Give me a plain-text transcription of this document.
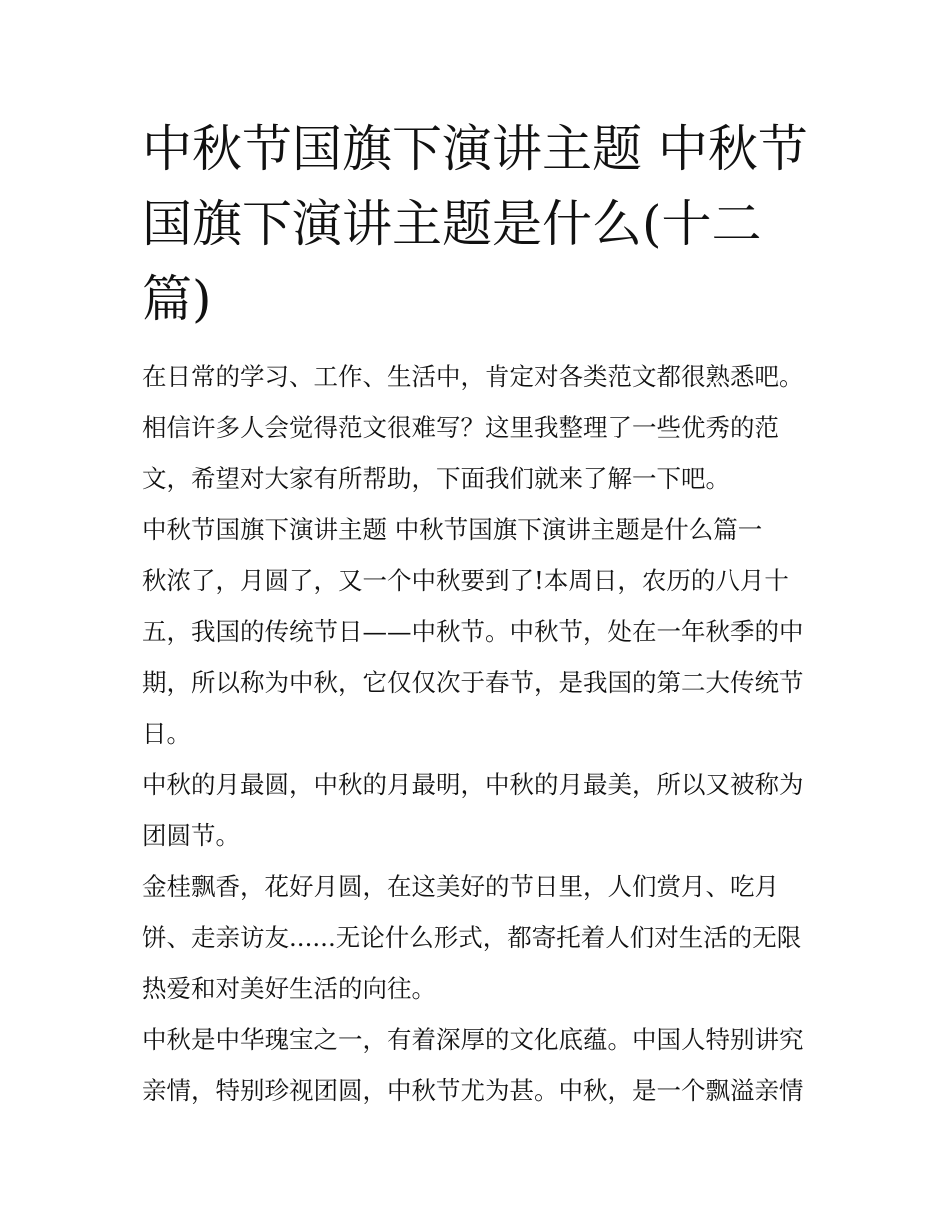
中秋节国旗下演讲主题 中秋节国旗下演讲主题是什么(十二篇)

在日常的学习、工作、生活中，肯定对各类范文都很熟悉吧。相信许多人会觉得范文很难写？这里我整理了一些优秀的范文，希望对大家有所帮助，下面我们就来了解一下吧。

中秋节国旗下演讲主题 中秋节国旗下演讲主题是什么篇一

秋浓了，月圆了，又一个中秋要到了!本周日，农历的八月十五，我国的传统节日——中秋节。中秋节，处在一年秋季的中期，所以称为中秋，它仅仅次于春节，是我国的第二大传统节日。

中秋的月最圆，中秋的月最明，中秋的月最美，所以又被称为团圆节。

金桂飘香，花好月圆，在这美好的节日里，人们赏月、吃月饼、走亲访友......无论什么形式，都寄托着人们对生活的无限热爱和对美好生活的向往。

中秋是中华瑰宝之一，有着深厚的文化底蕴。中国人特别讲究亲情，特别珍视团圆，中秋节尤为甚。中秋，是一个飘溢亲情
